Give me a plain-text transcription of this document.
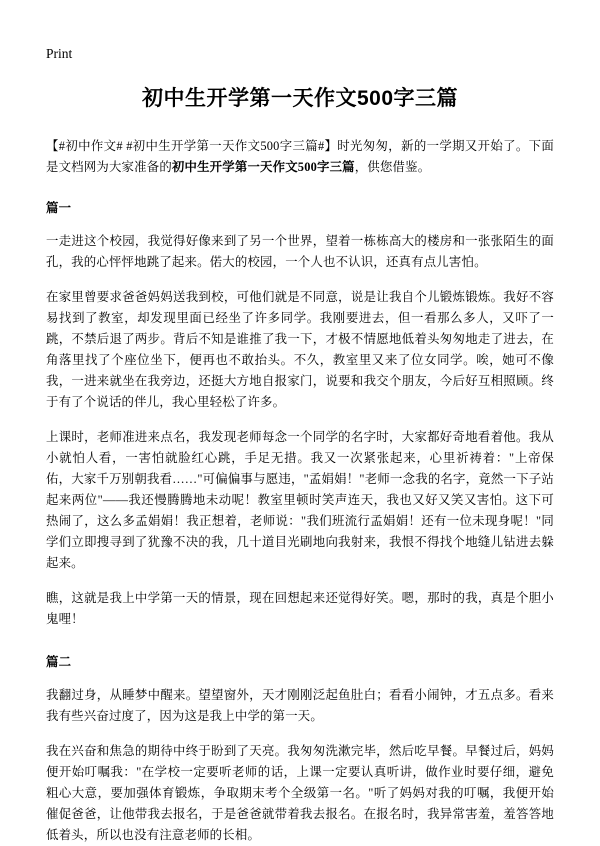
Print
初中生开学第一天作文500字三篇

【#初中作文# #初中生开学第一天作文500字三篇#】时光匆匆，新的一学期又开始了。下面是文档网为大家准备的初中生开学第一天作文500字三篇，供您借鉴。

篇一

一走进这个校园，我觉得好像来到了另一个世界，望着一栋栋高大的楼房和一张张陌生的面孔，我的心怦怦地跳了起来。偌大的校园，一个人也不认识，还真有点儿害怕。

在家里曾要求爸爸妈妈送我到校，可他们就是不同意，说是让我自个儿锻炼锻炼。我好不容易找到了教室，却发现里面已经坐了许多同学。我刚要进去，但一看那么多人，又吓了一跳，不禁后退了两步。背后不知是谁推了我一下，才极不情愿地低着头匆匆地走了进去，在角落里找了个座位坐下，便再也不敢抬头。不久，教室里又来了位女同学。唉，她可不像我，一进来就坐在我旁边，还挺大方地自报家门，说要和我交个朋友，今后好互相照顾。终于有了个说话的伴儿，我心里轻松了许多。

上课时，老师准进来点名，我发现老师每念一个同学的名字时，大家都好奇地看着他。我从小就怕人看，一害怕就脸红心跳，手足无措。我又一次紧张起来，心里祈祷着："上帝保佑，大家千万别朝我看……"可偏偏事与愿违，"孟娟娟！"老师一念我的名字，竟然一下子站起来两位"——我还慢腾腾地未动呢！教室里顿时笑声连天，我也又好又笑又害怕。这下可热闹了，这么多孟娟娟！我正想着，老师说："我们班流行孟娟娟！还有一位未现身呢！"同学们立即搜寻到了犹豫不决的我，几十道目光刷地向我射来，我恨不得找个地缝儿钻进去躲起来。

瞧，这就是我上中学第一天的情景，现在回想起来还觉得好笑。嗯，那时的我，真是个胆小鬼哩！

篇二

我翻过身，从睡梦中醒来。望望窗外，天才刚刚泛起鱼肚白；看看小闹钟，才五点多。看来我有些兴奋过度了，因为这是我上中学的第一天。

我在兴奋和焦急的期待中终于盼到了天亮。我匆匆洗漱完毕，然后吃早餐。早餐过后，妈妈便开始叮嘱我："在学校一定要听老师的话，上课一定要认真听讲，做作业时要仔细，避免粗心大意，要加强体育锻炼，争取期末考个全级第一名。"听了妈妈对我的叮嘱，我便开始催促爸爸，让他带我去报名，于是爸爸就带着我去报名。在报名时，我异常害羞，羞答答地低着头，所以也没有注意老师的长相。
